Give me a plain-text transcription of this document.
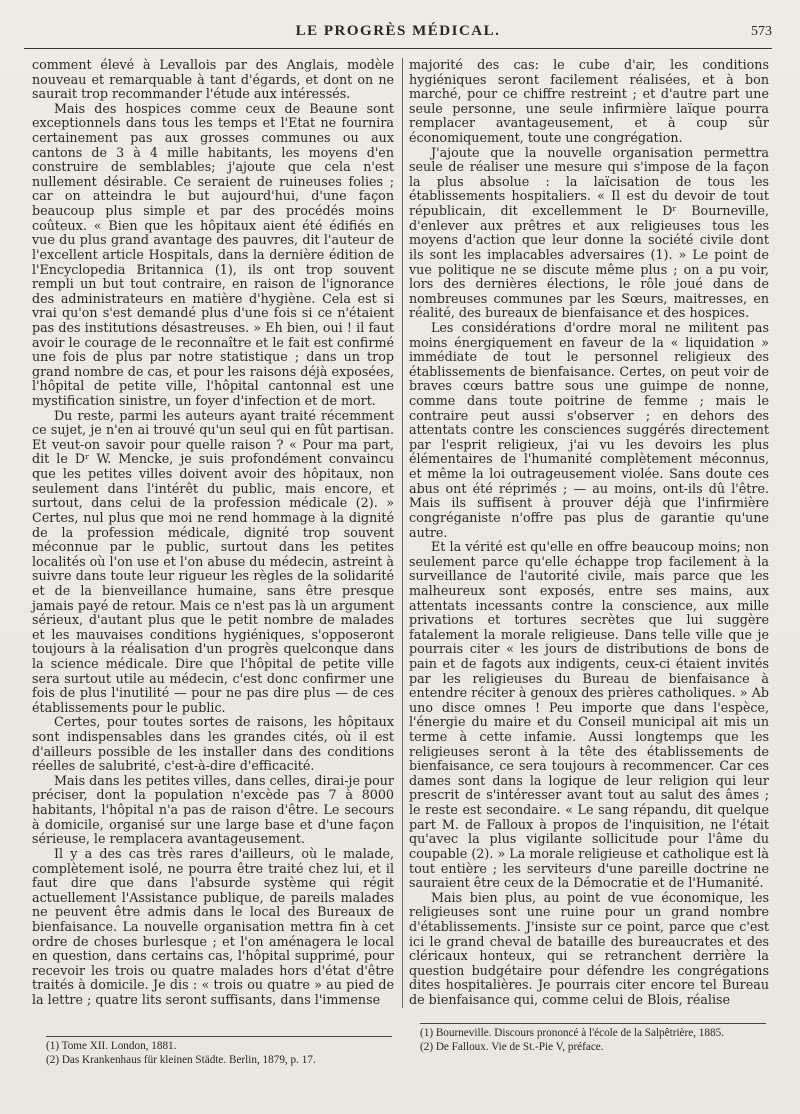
LE PROGRÈS MÉDICAL.	573

comment élevé à Levallois par des Anglais, modèle nouveau et remarquable à tant d'égards, et dont on ne saurait trop recommander l'étude aux intéressés.

Mais des hospices comme ceux de Beaune sont exceptionnels dans tous les temps et l'Etat ne fournira certainement pas aux grosses communes ou aux cantons de 3 à 4 mille habitants, les moyens d'en construire de semblables; j'ajoute que cela n'est nullement désirable. Ce seraient de ruineuses folies ; car on atteindra le but aujourd'hui, d'une façon beaucoup plus simple et par des procédés moins coûteux. « Bien que les hôpitaux aient été édifiés en vue du plus grand avantage des pauvres, dit l'auteur de l'excellent article Hospitals, dans la dernière édition de l'Encyclopedia Britannica (1), ils ont trop souvent rempli un but tout contraire, en raison de l'ignorance des administrateurs en matière d'hygiène. Cela est si vrai qu'on s'est demandé plus d'une fois si ce n'étaient pas des institutions désastreuses. » Eh bien, oui ! il faut avoir le courage de le reconnaître et le fait est confirmé une fois de plus par notre statistique ; dans un trop grand nombre de cas, et pour les raisons déjà exposées, l'hôpital de petite ville, l'hôpital cantonnal est une mystification sinistre, un foyer d'infection et de mort.

Du reste, parmi les auteurs ayant traité récemment ce sujet, je n'en ai trouvé qu'un seul qui en fût partisan. Et veut-on savoir pour quelle raison ? « Pour ma part, dit le Dʳ W. Mencke, je suis profondément convaincu que les petites villes doivent avoir des hôpitaux, non seulement dans l'intérêt du public, mais encore, et surtout, dans celui de la profession médicale (2). » Certes, nul plus que moi ne rend hommage à la dignité de la profession médicale, dignité trop souvent méconnue par le public, surtout dans les petites localités où l'on use et l'on abuse du médecin, astreint à suivre dans toute leur rigueur les règles de la solidarité et de la bienveillance humaine, sans être presque jamais payé de retour. Mais ce n'est pas là un argument sérieux, d'autant plus que le petit nombre de malades et les mauvaises conditions hygiéniques, s'opposeront toujours à la réalisation d'un progrès quelconque dans la science médicale. Dire que l'hôpital de petite ville sera surtout utile au médecin, c'est donc confirmer une fois de plus l'inutilité — pour ne pas dire plus — de ces établissements pour le public.

Certes, pour toutes sortes de raisons, les hôpitaux sont indispensables dans les grandes cités, où il est d'ailleurs possible de les installer dans des conditions réelles de salubrité, c'est-à-dire d'efficacité.

Mais dans les petites villes, dans celles, dirai-je pour préciser, dont la population n'excède pas 7 à 8000 habitants, l'hôpital n'a pas de raison d'être. Le secours à domicile, organisé sur une large base et d'une façon sérieuse, le remplacera avantageusement.

Il y a des cas très rares d'ailleurs, où le malade, complètement isolé, ne pourra être traité chez lui, et il faut dire que dans l'absurde système qui régit actuellement l'Assistance publique, de pareils malades ne peuvent être admis dans le local des Bureaux de bienfaisance. La nouvelle organisation mettra fin à cet ordre de choses burlesque ; et l'on aménagera le local en question, dans certains cas, l'hôpital supprimé, pour recevoir les trois ou quatre malades hors d'état d'être traités à domicile. Je dis : « trois ou quatre » au pied de la lettre ; quatre lits seront suffisants, dans l'immense

majorité des cas: le cube d'air, les conditions hygiéniques seront facilement réalisées, et à bon marché, pour ce chiffre restreint ; et d'autre part une seule personne, une seule infirmière laïque pourra remplacer avantageusement, et à coup sûr économiquement, toute une congrégation.

J'ajoute que la nouvelle organisation permettra seule de réaliser une mesure qui s'impose de la façon la plus absolue : la laïcisation de tous les établissements hospitaliers. « Il est du devoir de tout républicain, dit excellemment le Dʳ Bourneville, d'enlever aux prêtres et aux religieuses tous les moyens d'action que leur donne la société civile dont ils sont les implacables adversaires (1). » Le point de vue politique ne se discute même plus ; on a pu voir, lors des dernières élections, le rôle joué dans de nombreuses communes par les Sœurs, maitresses, en réalité, des bureaux de bienfaisance et des hospices.

Les considérations d'ordre moral ne militent pas moins énergiquement en faveur de la « liquidation » immédiate de tout le personnel religieux des établissements de bienfaisance. Certes, on peut voir de braves cœurs battre sous une guimpe de nonne, comme dans toute poitrine de femme ; mais le contraire peut aussi s'observer ; en dehors des attentats contre les consciences suggérés directement par l'esprit religieux, j'ai vu les devoirs les plus élémentaires de l'humanité complètement méconnus, et même la loi outrageusement violée. Sans doute ces abus ont été réprimés ; — au moins, ont-ils dû l'être. Mais ils suffisent à prouver déjà que l'infirmière congréganiste n'offre pas plus de garantie qu'une autre.

Et la vérité est qu'elle en offre beaucoup moins; non seulement parce qu'elle échappe trop facilement à la surveillance de l'autorité civile, mais parce que les malheureux sont exposés, entre ses mains, aux attentats incessants contre la conscience, aux mille privations et tortures secrètes que lui suggère fatalement la morale religieuse. Dans telle ville que je pourrais citer « les jours de distributions de bons de pain et de fagots aux indigents, ceux-ci étaient invités par les religieuses du Bureau de bienfaisance à entendre réciter à genoux des prières catholiques. » Ab uno disce omnes ! Peu importe que dans l'espèce, l'énergie du maire et du Conseil municipal ait mis un terme à cette infamie. Aussi longtemps que les religieuses seront à la tête des établissements de bienfaisance, ce sera toujours à recommencer. Car ces dames sont dans la logique de leur religion qui leur prescrit de s'intéresser avant tout au salut des âmes ; le reste est secondaire. « Le sang répandu, dit quelque part M. de Falloux à propos de l'inquisition, ne l'était qu'avec la plus vigilante sollicitude pour l'âme du coupable (2). » La morale religieuse et catholique est là tout entière ; les serviteurs d'une pareille doctrine ne sauraient être ceux de la Démocratie et de l'Humanité.

Mais bien plus, au point de vue économique, les religieuses sont une ruine pour un grand nombre d'établissements. J'insiste sur ce point, parce que c'est ici le grand cheval de bataille des bureaucrates et des cléricaux honteux, qui se retranchent derrière la question budgétaire pour défendre les congrégations dites hospitalières. Je pourrais citer encore tel Bureau de bienfaisance qui, comme celui de Blois, réalise

(1) Tome XII. London, 1881.
(2) Das Krankenhaus für kleinen Städte. Berlin, 1879, p. 17.
(1) Bourneville. Discours prononcé à l'école de la Salpêtrière, 1885.
(2) De Falloux. Vie de St.-Pie V, préface.
